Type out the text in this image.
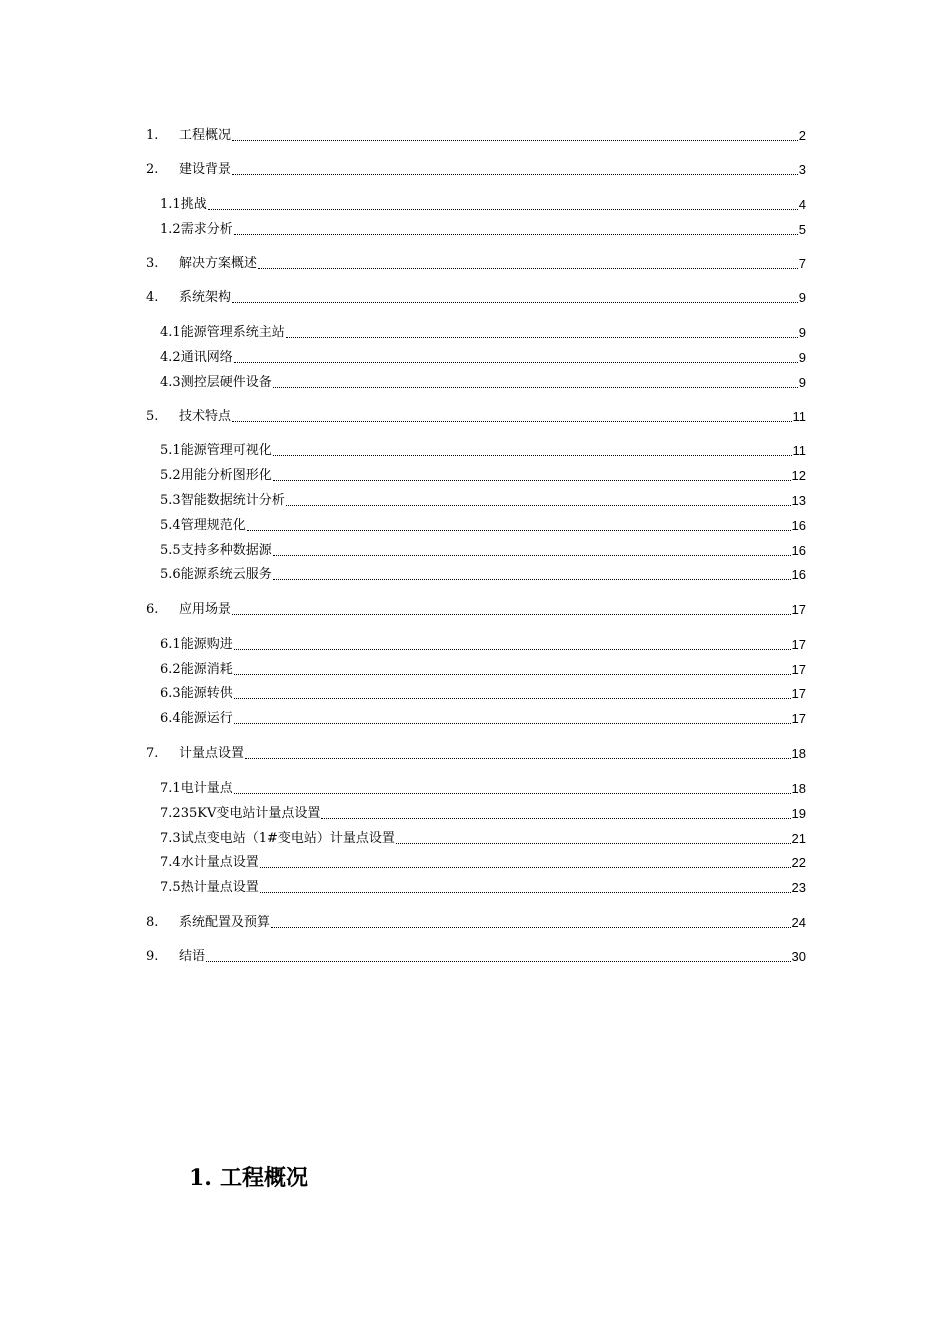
1.	工程概况	2
2.	建设背景	3
1.1 挑战	4
1.2 需求分析	5
3.	解决方案概述	7
4.	系统架构	9
4.1 能源管理系统主站	9
4.2 通讯网络	9
4.3 测控层硬件设备	9
5.	技术特点	11
5.1 能源管理可视化	11
5.2 用能分析图形化	12
5.3 智能数据统计分析	13
5.4 管理规范化	16
5.5 支持多种数据源	16
5.6 能源系统云服务	16
6.	应用场景	17
6.1 能源购进	17
6.2 能源消耗	17
6.3 能源转供	17
6.4 能源运行	17
7.	计量点设置	18
7.1 电计量点	18
7.2 35KV变电站计量点设置	19
7.3 试点变电站（1#变电站）计量点设置	21
7.4 水计量点设置	22
7.5 热计量点设置	23
8.	系统配置及预算	24
9.	结语	30
1. 工程概况
